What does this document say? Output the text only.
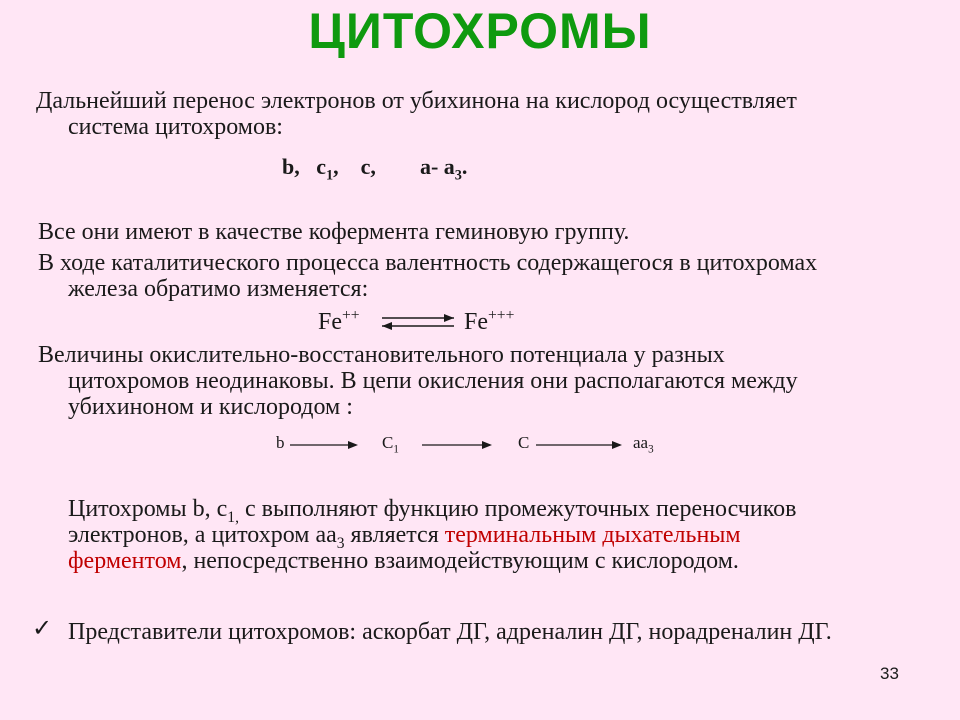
ЦИТОХРОМЫ
Дальнейший перенос электронов от убихинона на кислород осуществляет
система цитохромов:
b, $c_1$, c, a- $a_3$.
Все они имеют в качестве кофермента геминовую группу.
В ходе каталитического процесса валентность содержащегося в цитохромах
железа обратимо изменяется:
Fe++	Fe+++
Величины окислительно-восстановительного потенциала у разных
цитохромов неодинаковы. В цепи окисления они располагаются между
убихиноном и кислородом :
b	$C_1$	C	$aa_3$
Цитохромы b, $c_{1,}$ c выполняют функцию промежуточных переносчиков
электронов, а цитохром $aa_3$ является терминальным дыхательным
ферментом, непосредственно взаимодействующим с кислородом.
✓ Представители цитохромов: аскорбат ДГ, адреналин ДГ, норадреналин ДГ.
33
